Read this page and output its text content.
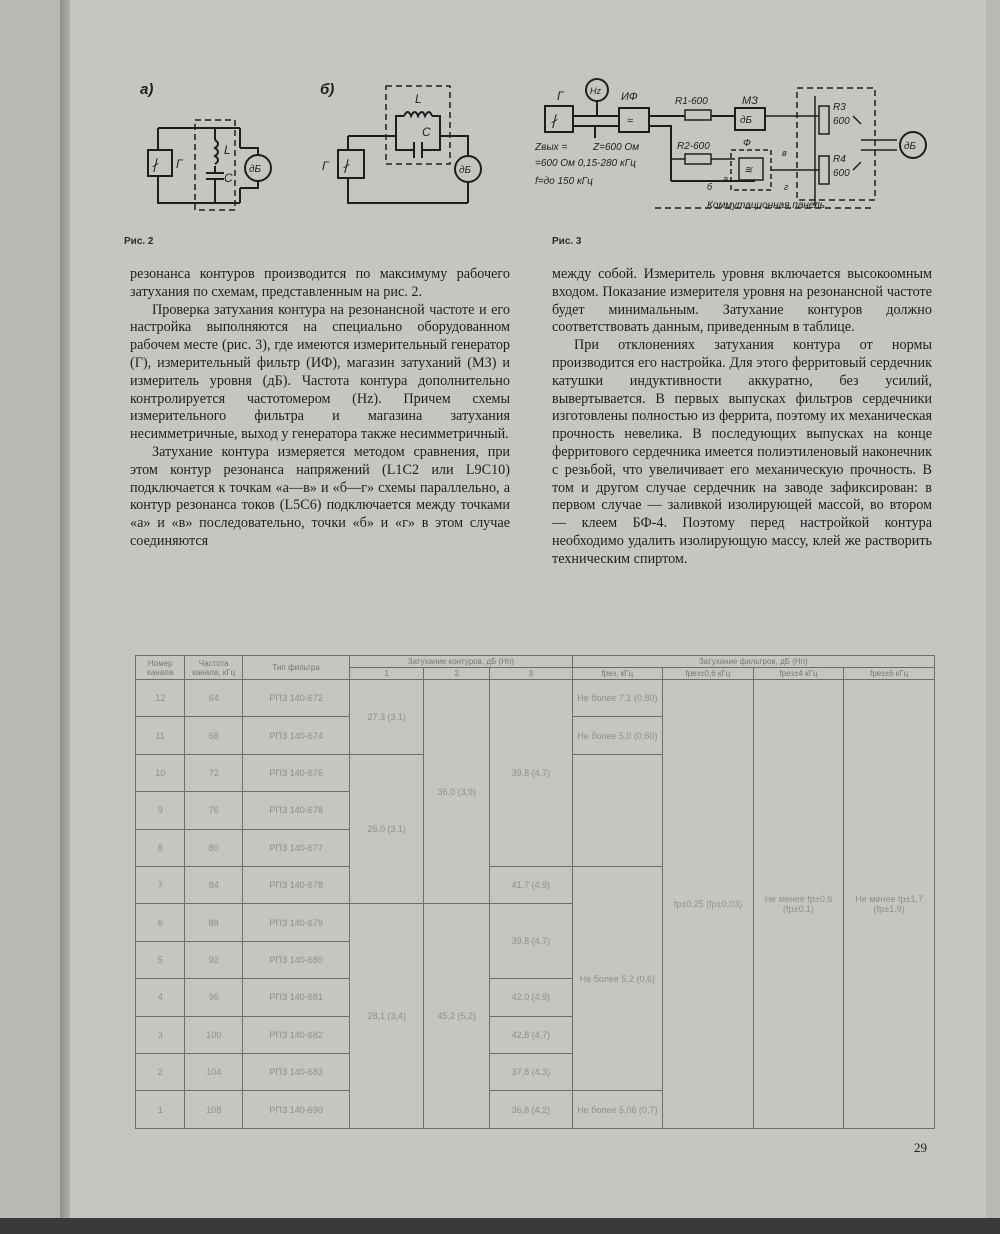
а)
∤ Г
L
C
дБ
б)
∤
Г
L
C
дБ
Рис. 2
Г
∤
Hz ИФ
≈
R1-600
R2-600
МЗ
дБ
Ф
≋
а
б
в
г
R3
600
R4
600
дБ
Коммутационная панель
Zвых =	Z=600 Ом
=600 Ом 0,15-280 кГц
f=до 150 кГц
Рис. 3

резонанса контуров производится по максимуму рабочего затухания по схемам, представленным на рис. 2.

Проверка затухания контура на резонансной частоте и его настройка выполняются на специально оборудованном рабочем месте (рис. 3), где имеются измерительный генератор (Г), измерительный фильтр (ИФ), магазин затуханий (МЗ) и измеритель уровня (дБ). Частота контура дополнительно контролируется частотомером (Hz). Причем схемы измерительного фильтра и магазина затухания несимметричные, выход у генератора также несимметричный.

Затухание контура измеряется методом сравнения, при этом контур резонанса напряжений (L1C2 или L9C10) подключается к точкам «а—в» и «б—г» схемы параллельно, а контур резонанса токов (L5C6) подключается между точками «а» и «в» последовательно, точки «б» и «г» в этом случае соединяются

между собой. Измеритель уровня включается высокоомным входом. Показание измерителя уровня на резонансной частоте будет минимальным. Затухание контуров должно соответствовать данным, приведенным в таблице.

При отклонениях затухания контура от нормы производится его настройка. Для этого ферритовый сердечник катушки индуктивности аккуратно, без усилий, вывертывается. В первых выпусках фильтров сердечники изготовлены полностью из феррита, поэтому их механическая прочность невелика. В последующих выпусках на конце ферритового сердечника имеется полиэтиленовый наконечник с резьбой, что увеличивает его механическую прочность. В том и другом случае сердечник на заводе зафиксирован: в первом случае — заливкой изолирующей массой, во втором — клеем БФ-4. Поэтому перед настройкой контура необходимо удалить изолирующую массу, клей же растворить техническим спиртом.

Номер канала	Частота канала, кГц	Тип фильтра	Затухание контуров, дБ (Нп)			Затухание фильтров, дБ (Нп)			
			1	2	3	fрез, кГц	fрез±0,6 кГц	fрез±4 кГц	fрез±6 кГц
12	64	РПЗ 140-672	27,3 (3,1)	36,0 (3,9)	39,8 (4,7)	Не более 7,1 (0,80)	fр±0,25 (fр±0,03)	Не менее fр±0,6 (fр±0,1)	Не менее fр±1,7 (fр±1,9)
11	68	РПЗ 140-674				Не более 5,0 (0,60)			
10	72	РПЗ 140-676	26,0 (3,1)						
9	76	РПЗ 140-678							
8	80	РПЗ 140-677							
7	84	РПЗ 140-678			41,7 (4,9)	Не более 5,2 (0,6)			
6	88	РПЗ 140-679	28,1 (3,4)	45,2 (5,2)	39,8 (4,7)				
5	92	РПЗ 140-680							
4	96	РПЗ 140-681			42,0 (4,9)				
3	100	РПЗ 140-682			42,8 (4,7)				
2	104	РПЗ 140-683			37,8 (4,3)				
1	108	РПЗ 140-690			36,8 (4,2)	Не более 5,06 (0,7)			
29
